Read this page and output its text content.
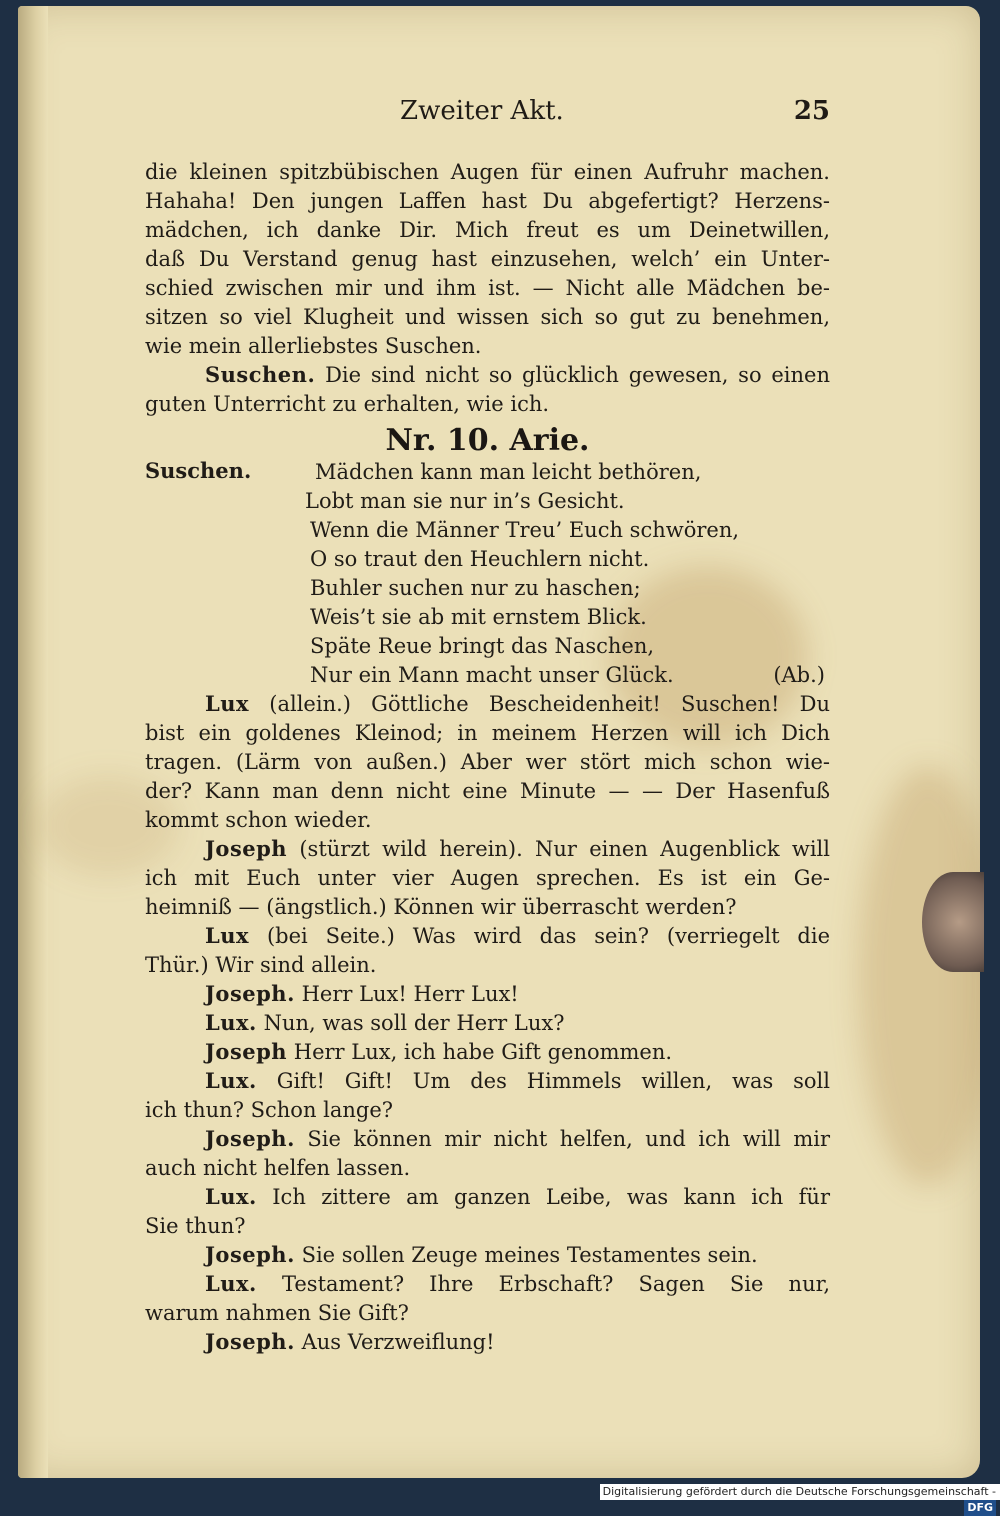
Zweiter Akt.	25
die kleinen spitzbübischen Augen für einen Aufruhr machen.
Hahaha! Den jungen Laffen hast Du abgefertigt? Herzens-
mädchen, ich danke Dir. Mich freut es um Deinetwillen,
daß Du Verstand genug hast einzusehen, welch’ ein Unter-
schied zwischen mir und ihm ist. — Nicht alle Mädchen be-
sitzen so viel Klugheit und wissen sich so gut zu benehmen,
wie mein allerliebstes Suschen.
Suschen. Die sind nicht so glücklich gewesen, so einen
guten Unterricht zu erhalten, wie ich.
Nr. 10. Arie.
Suschen.	Mädchen kann man leicht bethören,
Lobt man sie nur in’s Gesicht.
Wenn die Männer Treu’ Euch schwören,
O so traut den Heuchlern nicht.
Buhler suchen nur zu haschen;
Weis’t sie ab mit ernstem Blick.
Späte Reue bringt das Naschen,
Nur ein Mann macht unser Glück.	(Ab.)
Lux (allein.) Göttliche Bescheidenheit! Suschen! Du
bist ein goldenes Kleinod; in meinem Herzen will ich Dich
tragen. (Lärm von außen.) Aber wer stört mich schon wie-
der? Kann man denn nicht eine Minute — — Der Hasenfuß
kommt schon wieder.
Joseph (stürzt wild herein). Nur einen Augenblick will
ich mit Euch unter vier Augen sprechen. Es ist ein Ge-
heimniß — (ängstlich.) Können wir überrascht werden?
Lux (bei Seite.) Was wird das sein? (verriegelt die
Thür.) Wir sind allein.
Joseph. Herr Lux! Herr Lux!
Lux. Nun, was soll der Herr Lux?
Joseph Herr Lux, ich habe Gift genommen.
Lux. Gift! Gift! Um des Himmels willen, was soll
ich thun? Schon lange?
Joseph. Sie können mir nicht helfen, und ich will mir
auch nicht helfen lassen.
Lux. Ich zittere am ganzen Leibe, was kann ich für
Sie thun?
Joseph. Sie sollen Zeuge meines Testamentes sein.
Lux. Testament? Ihre Erbschaft? Sagen Sie nur,
warum nahmen Sie Gift?
Joseph. Aus Verzweiflung!
Digitalisierung gefördert durch die Deutsche Forschungsgemeinschaft -DFG
